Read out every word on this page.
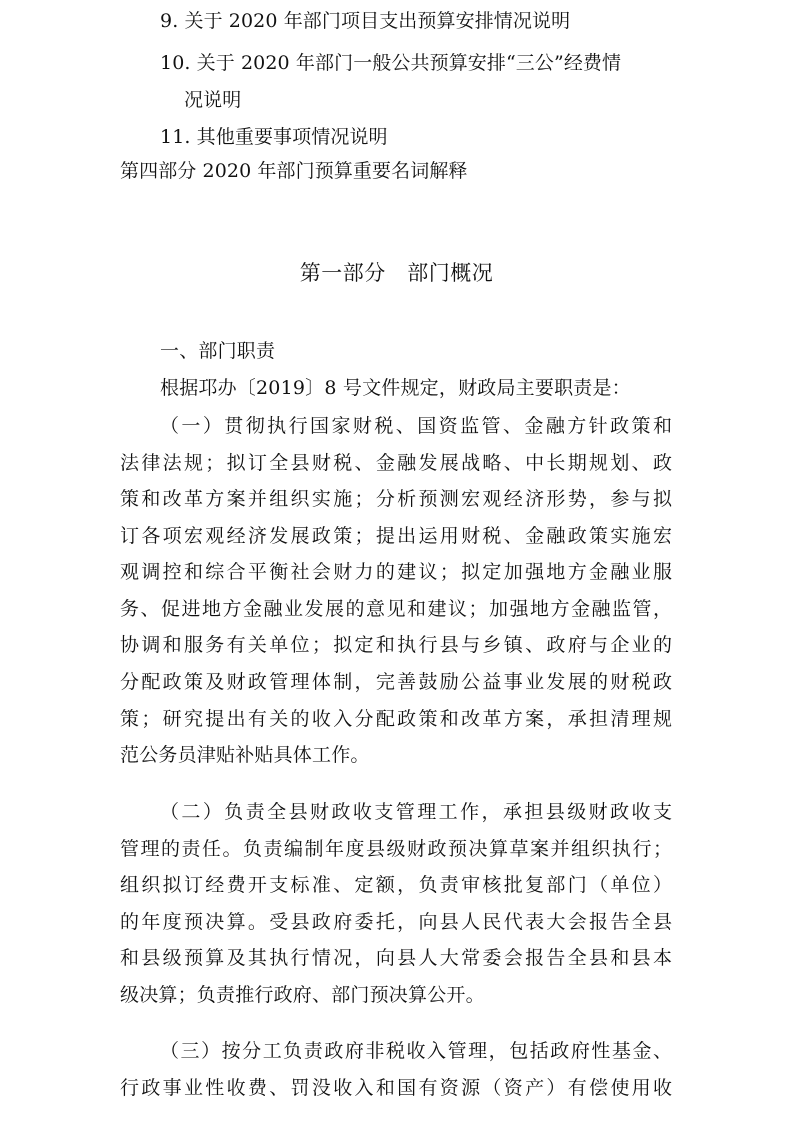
9. 关于 2020 年部门项目支出预算安排情况说明
10. 关于 2020 年部门一般公共预算安排“三公”经费情
况说明
11. 其他重要事项情况说明
第四部分 2020 年部门预算重要名词解释
第一部分　部门概况
一、部门职责
根据邛办〔2019〕8 号文件规定，财政局主要职责是：
（一）贯彻执行国家财税、国资监管、金融方针政策和
法律法规；拟订全县财税、金融发展战略、中长期规划、政
策和改革方案并组织实施；分析预测宏观经济形势，参与拟
订各项宏观经济发展政策；提出运用财税、金融政策实施宏
观调控和综合平衡社会财力的建议；拟定加强地方金融业服
务、促进地方金融业发展的意见和建议；加强地方金融监管，
协调和服务有关单位；拟定和执行县与乡镇、政府与企业的
分配政策及财政管理体制，完善鼓励公益事业发展的财税政
策；研究提出有关的收入分配政策和改革方案，承担清理规
范公务员津贴补贴具体工作。
（二）负责全县财政收支管理工作，承担县级财政收支
管理的责任。负责编制年度县级财政预决算草案并组织执行；
组织拟订经费开支标准、定额，负责审核批复部门（单位）
的年度预决算。受县政府委托，向县人民代表大会报告全县
和县级预算及其执行情况，向县人大常委会报告全县和县本
级决算；负责推行政府、部门预决算公开。
（三）按分工负责政府非税收入管理，包括政府性基金、
行政事业性收费、罚没收入和国有资源（资产）有偿使用收
